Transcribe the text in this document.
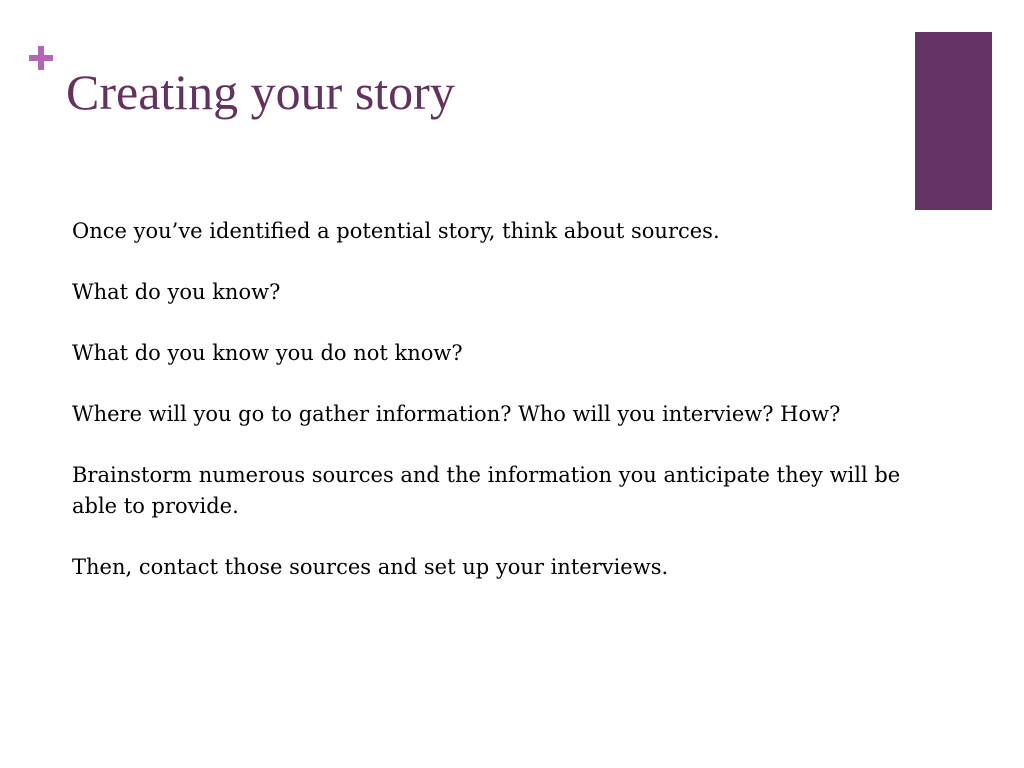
Creating your story
Once you’ve identified a potential story, think about sources.
What do you know?
What do you know you do not know?
Where will you go to gather information? Who will you interview? How?
Brainstorm numerous sources and the information you anticipate they will be able to provide.
Then, contact those sources and set up your interviews.
